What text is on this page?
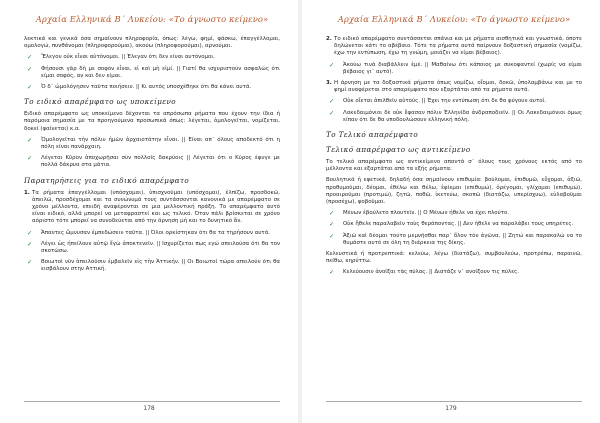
Αρχαία Ελληνικά Β΄ Λυκείου: «Το άγνωστο κείμενο»

λεκτικά και γενικά όσα σημαίνουν πληροφορία, όπως: λέγω, φημί, φάσκω, έπαγγέλλομαι, ομολογώ, πυνθάνομαι (πληροφορούμαι), ακούω (πληροφορούμαι), αρνούμαι.

✓	Ἔλεγον οὐκ εἶναι αὐτόνομοι. || Έλεγαν ότι δεν είναι αυτόνομοι.
✓	Φήσουσι γὰρ δὴ με σοφὸν εἶναι, εἰ καὶ μὴ εἰμί. || Γιατί θα ισχυριστούν ασφαλώς ότι είμαι σοφός, αν και δεν είμαι.
✓	Ὁ δ᾽ ὡμολόγησεν ταῦτα ποιήσειν. || Κι αυτός υποσχέθηκε ότι θα κάνει αυτά.
Το ειδικό απαρέμφατο ως υποκείμενο

Ειδικό απαρέμφατο ως υποκείμενο δέχονται τα απρόσωπα ρήματα που έχουν την ίδια ή παρόμοια σημασία με τα προηγούμενα προσωπικά όπως: λέγεται, ὁμολογεῖται, νομίζεται, δοκεῖ (φαίνεται) κ.α.

✓	Ὁμολογεῖται τὴν πόλιν ἡμῶν ἀρχαιοτάτην εἶναι. || Είναι απ᾽ όλους αποδεκτό ότι η πόλη είναι πανάρχαιη.
✓	Λέγεται Κῦρον ἀποχωρῆσαι σὺν πολλοῖς δακρύοις || Λέγεται ότι ο Κύρος έφυγε με πολλά δάκρυα στα μάτια.
Παρατηρήσεις για το ειδικό απαρέμφατο
1. Τα ρήματα ἐπαγγέλλομαι (υπόσχομαι), ὑπισχνοῦμαι (υπόσχομαι), ἐλπίζω, προσδοκῶ, ἀπειλῶ, προσδέχομαι και τα συνώνυμά τους συντάσσονται κανονικά με απαρέμφατο σε χρόνο μέλλοντα, επειδή αναφέρονται σε μια μελλοντική πράξη. Το απαρέμφατο αυτό είναι ειδικό, αλλά μπορεί να μεταφραστεί και ως τελικό. Όταν πάλι βρίσκεται σε χρόνο αόριστο τότε μπορεί να συνοδεύεται από την άρνηση μή και το δυνητικό ἄν.
✓	Ἀπαντες ὤμνυσαν ἐμπεδώσειν ταῦτα. || Όλοι ορκίστηκαν ότι θα τα τηρήσουν αυτά.
✓	Λέγει ὡς ἠπείλουν αὐτῷ ἔγὼ ἀποκτενεῖν. || Ισχυρίζεται πως εγώ απειλούσα ότι θα τον σκοτώσω.
✓	Βοιωτοὶ νῦν ἀπειλοῦσιν ἐμβαλεῖν εἰς τὴν Ἀττικήν. || Οι Βοιωτοί τώρα απειλούν ότι θα εισβάλουν στην Αττική.
178
Αρχαία Ελληνικά Β΄ Λυκείου: «Το άγνωστο κείμενο»
2. Το ειδικό απαρέμφατο συντάσσεται σπάνια και με ρήματα αισθητικά και γνωστικά, όποτε δηλώνεται κάτι το αβέβαιο. Τότε τα ρήματα αυτά παίρνουν δοξαστική σημασία (νομίζω, έχω την εντύπωση, έχω τη γνώμη, μοιάζει να είμαι βέβαιος).
✓	Ἀκούω τινὰ διαβάλλειν ἐμέ. || Μαθαίνω ότι κάποιος με συκοφαντεί (χωρίς να είμαι βέβαιος γι᾽ αυτό).
3. Η άρνηση με τα δοξαστικά ρήματα όπως νομίζω, οἴομαι, δοκῶ, ὑπολαμβάνω και με το φημί αναφέρεται στο απαρέμφατο που εξαρτάται από τα ρήματα αυτά.
✓	Οὐκ οἴεται ἀπιλθεῖν αὐτούς. || Έχει την εντύπωση ότι δε θα φύγουν αυτοί.
✓	Λακεδαιμόνιοι δὲ οὐκ ἔφασαν πόλιν Ἑλληνίδα ἀνδραποδιεῖν. || Οι Λακεδαιμόνιοι όμως είπαν ότι δε θα υποδουλώσουν ελληνική πόλη.
Το Τελικό απαρέμφατο
Τελικό απαρέμφατο ως αντικείμενο

Το τελικό απαρέμφατο ως αντικείμενο απαντά σ᾽ όλους τους χρόνους εκτός από το μέλλοντα και εξαρτάται από τα εξής ρήματα:

Βουλητικά ή εφετικά, δηλαδή όσα σημαίνουν επιθυμία: βούλομαι, ἐπιθυμῶ, εὔχομαι, ἀξιῶ, προθυμοῦμαι, δέομαι, ἐθέλω και θέλω, ἐφίεμαι (επιθυμώ), ὀρέγομαι, γλίχομαι (επιθυμώ), προαιροῦμαι (προτιμώ), ζητῶ, ποθῶ, ἱκετεύω, σκοπῶ (διατάζω, υπερίσχυω), εὐλαβοῦμαι (προσέχω), φοβοῦμαι.

✓	Μένων ἐβούλετο πλουτεῖν. || Ο Μένων ήθελε να έχει πλούτο.
✓	Οὐκ ἤθελε παραλαβεῖν τοὺς θεράποντας. || Δεν ήθελε να παραλάβει τους υπηρέτες.
✓	Ἀξιῶ καὶ δέομαι τούτο μεμνῆσθαι παρ᾽ ὅλον τὸν ἀγῶνα. || Ζητώ και παρακαλώ να το θυμάστε αυτό σε όλη τη διάρκεια της δίκης.

Κελευστικά ή προτρεπτικά: κελεύω, λέγω (διατάζω), συμβουλεύω, προτρέπω, παραινῶ, πείθω, κηρύττω.

✓	Κελεύουσιν ἀνοῖξαι τὰς πύλας. || Διατάζε ν᾽ ανοίξουν τις πύλες.
179
